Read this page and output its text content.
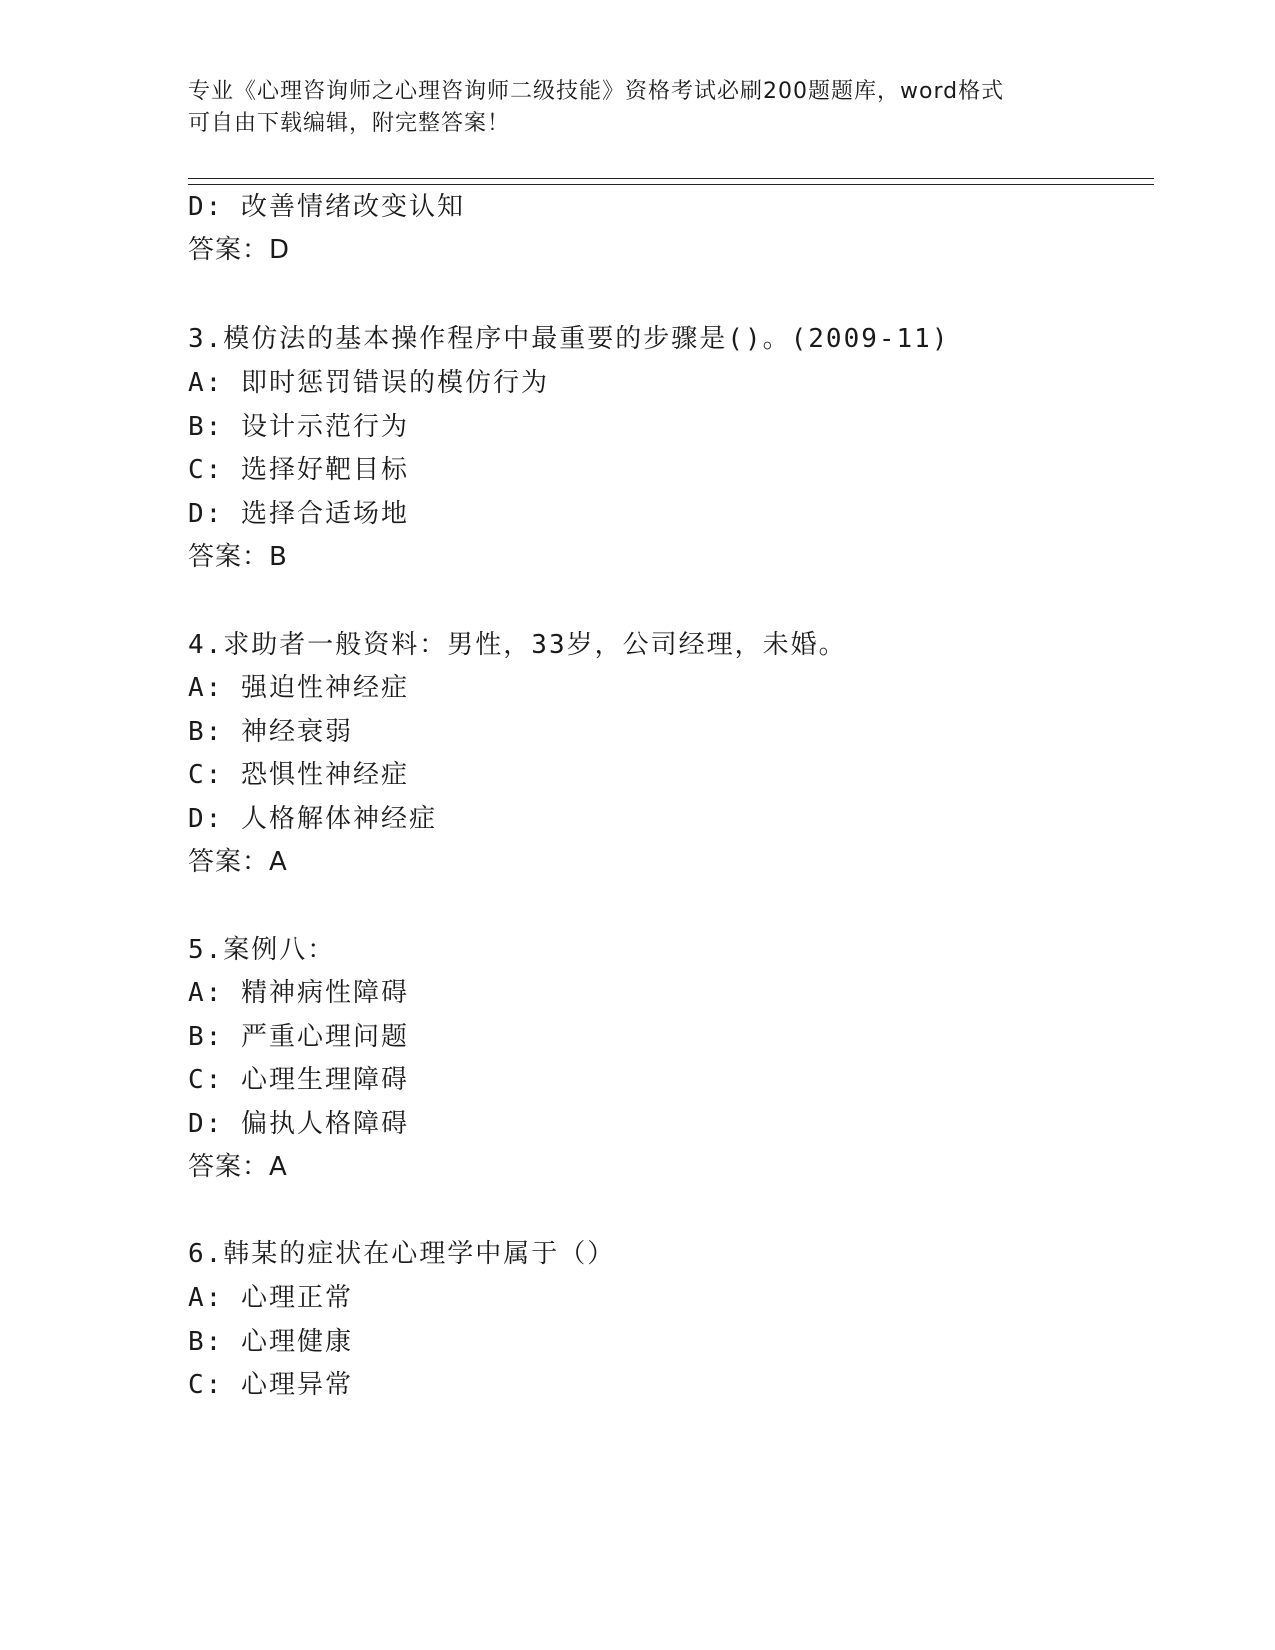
专业《心理咨询师之心理咨询师二级技能》资格考试必刷200题题库，word格式
可自由下载编辑，附完整答案！
D: 改善情绪改变认知
答案：D
3.模仿法的基本操作程序中最重要的步骤是()。(2009-11)
A: 即时惩罚错误的模仿行为
B: 设计示范行为
C: 选择好靶目标
D: 选择合适场地
答案：B
4.求助者一般资料：男性，33岁，公司经理，未婚。
A: 强迫性神经症
B: 神经衰弱
C: 恐惧性神经症
D: 人格解体神经症
答案：A
5.案例八：
A: 精神病性障碍
B: 严重心理问题
C: 心理生理障碍
D: 偏执人格障碍
答案：A
6.韩某的症状在心理学中属于（）
A: 心理正常
B: 心理健康
C: 心理异常
